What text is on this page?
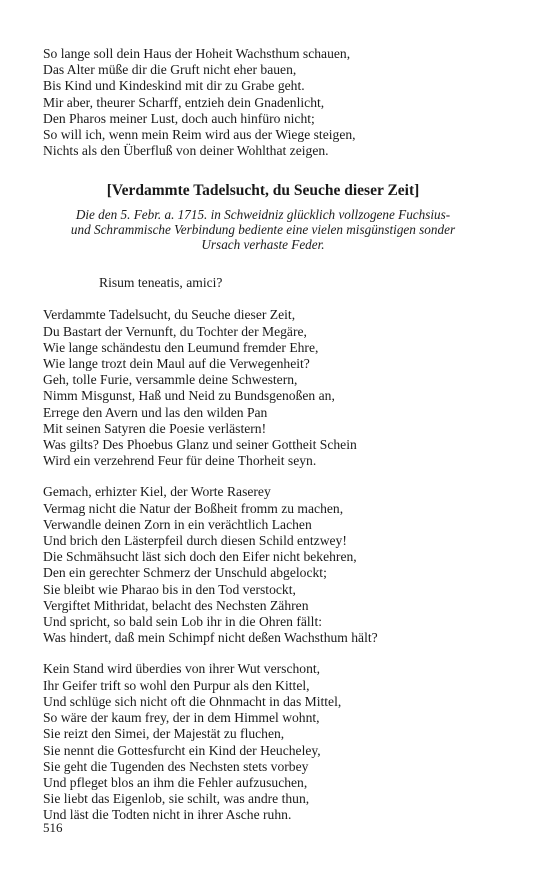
So lange soll dein Haus der Hoheit Wachsthum schauen,
Das Alter müße dir die Gruft nicht eher bauen,
Bis Kind und Kindeskind mit dir zu Grabe geht.
Mir aber, theurer Scharff, entzieh dein Gnadenlicht,
Den Pharos meiner Lust, doch auch hinfüro nicht;
So will ich, wenn mein Reim wird aus der Wiege steigen,
Nichts als den Überfluß von deiner Wohlthat zeigen.
[Verdammte Tadelsucht, du Seuche dieser Zeit]
Die den 5. Febr. a. 1715. in Schweidniz glücklich vollzogene Fuchsius-
und Schrammische Verbindung bediente eine vielen misgünstigen sonder
Ursach verhaste Feder.
Risum teneatis, amici?
Verdammte Tadelsucht, du Seuche dieser Zeit,
Du Bastart der Vernunft, du Tochter der Megäre,
Wie lange schändestu den Leumund fremder Ehre,
Wie lange trozt dein Maul auf die Verwegenheit?
Geh, tolle Furie, versammle deine Schwestern,
Nimm Misgunst, Haß und Neid zu Bundsgenoßen an,
Errege den Avern und las den wilden Pan
Mit seinen Satyren die Poesie verlästern!
Was gilts? Des Phoebus Glanz und seiner Gottheit Schein
Wird ein verzehrend Feur für deine Thorheit seyn.
Gemach, erhizter Kiel, der Worte Raserey
Vermag nicht die Natur der Boßheit fromm zu machen,
Verwandle deinen Zorn in ein verächtlich Lachen
Und brich den Lästerpfeil durch diesen Schild entzwey!
Die Schmähsucht läst sich doch den Eifer nicht bekehren,
Den ein gerechter Schmerz der Unschuld abgelockt;
Sie bleibt wie Pharao bis in den Tod verstockt,
Vergiftet Mithridat, belacht des Nechsten Zähren
Und spricht, so bald sein Lob ihr in die Ohren fällt:
Was hindert, daß mein Schimpf nicht deßen Wachsthum hält?
Kein Stand wird überdies von ihrer Wut verschont,
Ihr Geifer trift so wohl den Purpur als den Kittel,
Und schlüge sich nicht oft die Ohnmacht in das Mittel,
So wäre der kaum frey, der in dem Himmel wohnt,
Sie reizt den Simei, der Majestät zu fluchen,
Sie nennt die Gottesfurcht ein Kind der Heucheley,
Sie geht die Tugenden des Nechsten stets vorbey
Und pfleget blos an ihm die Fehler aufzusuchen,
Sie liebt das Eigenlob, sie schilt, was andre thun,
Und läst die Todten nicht in ihrer Asche ruhn.
516
